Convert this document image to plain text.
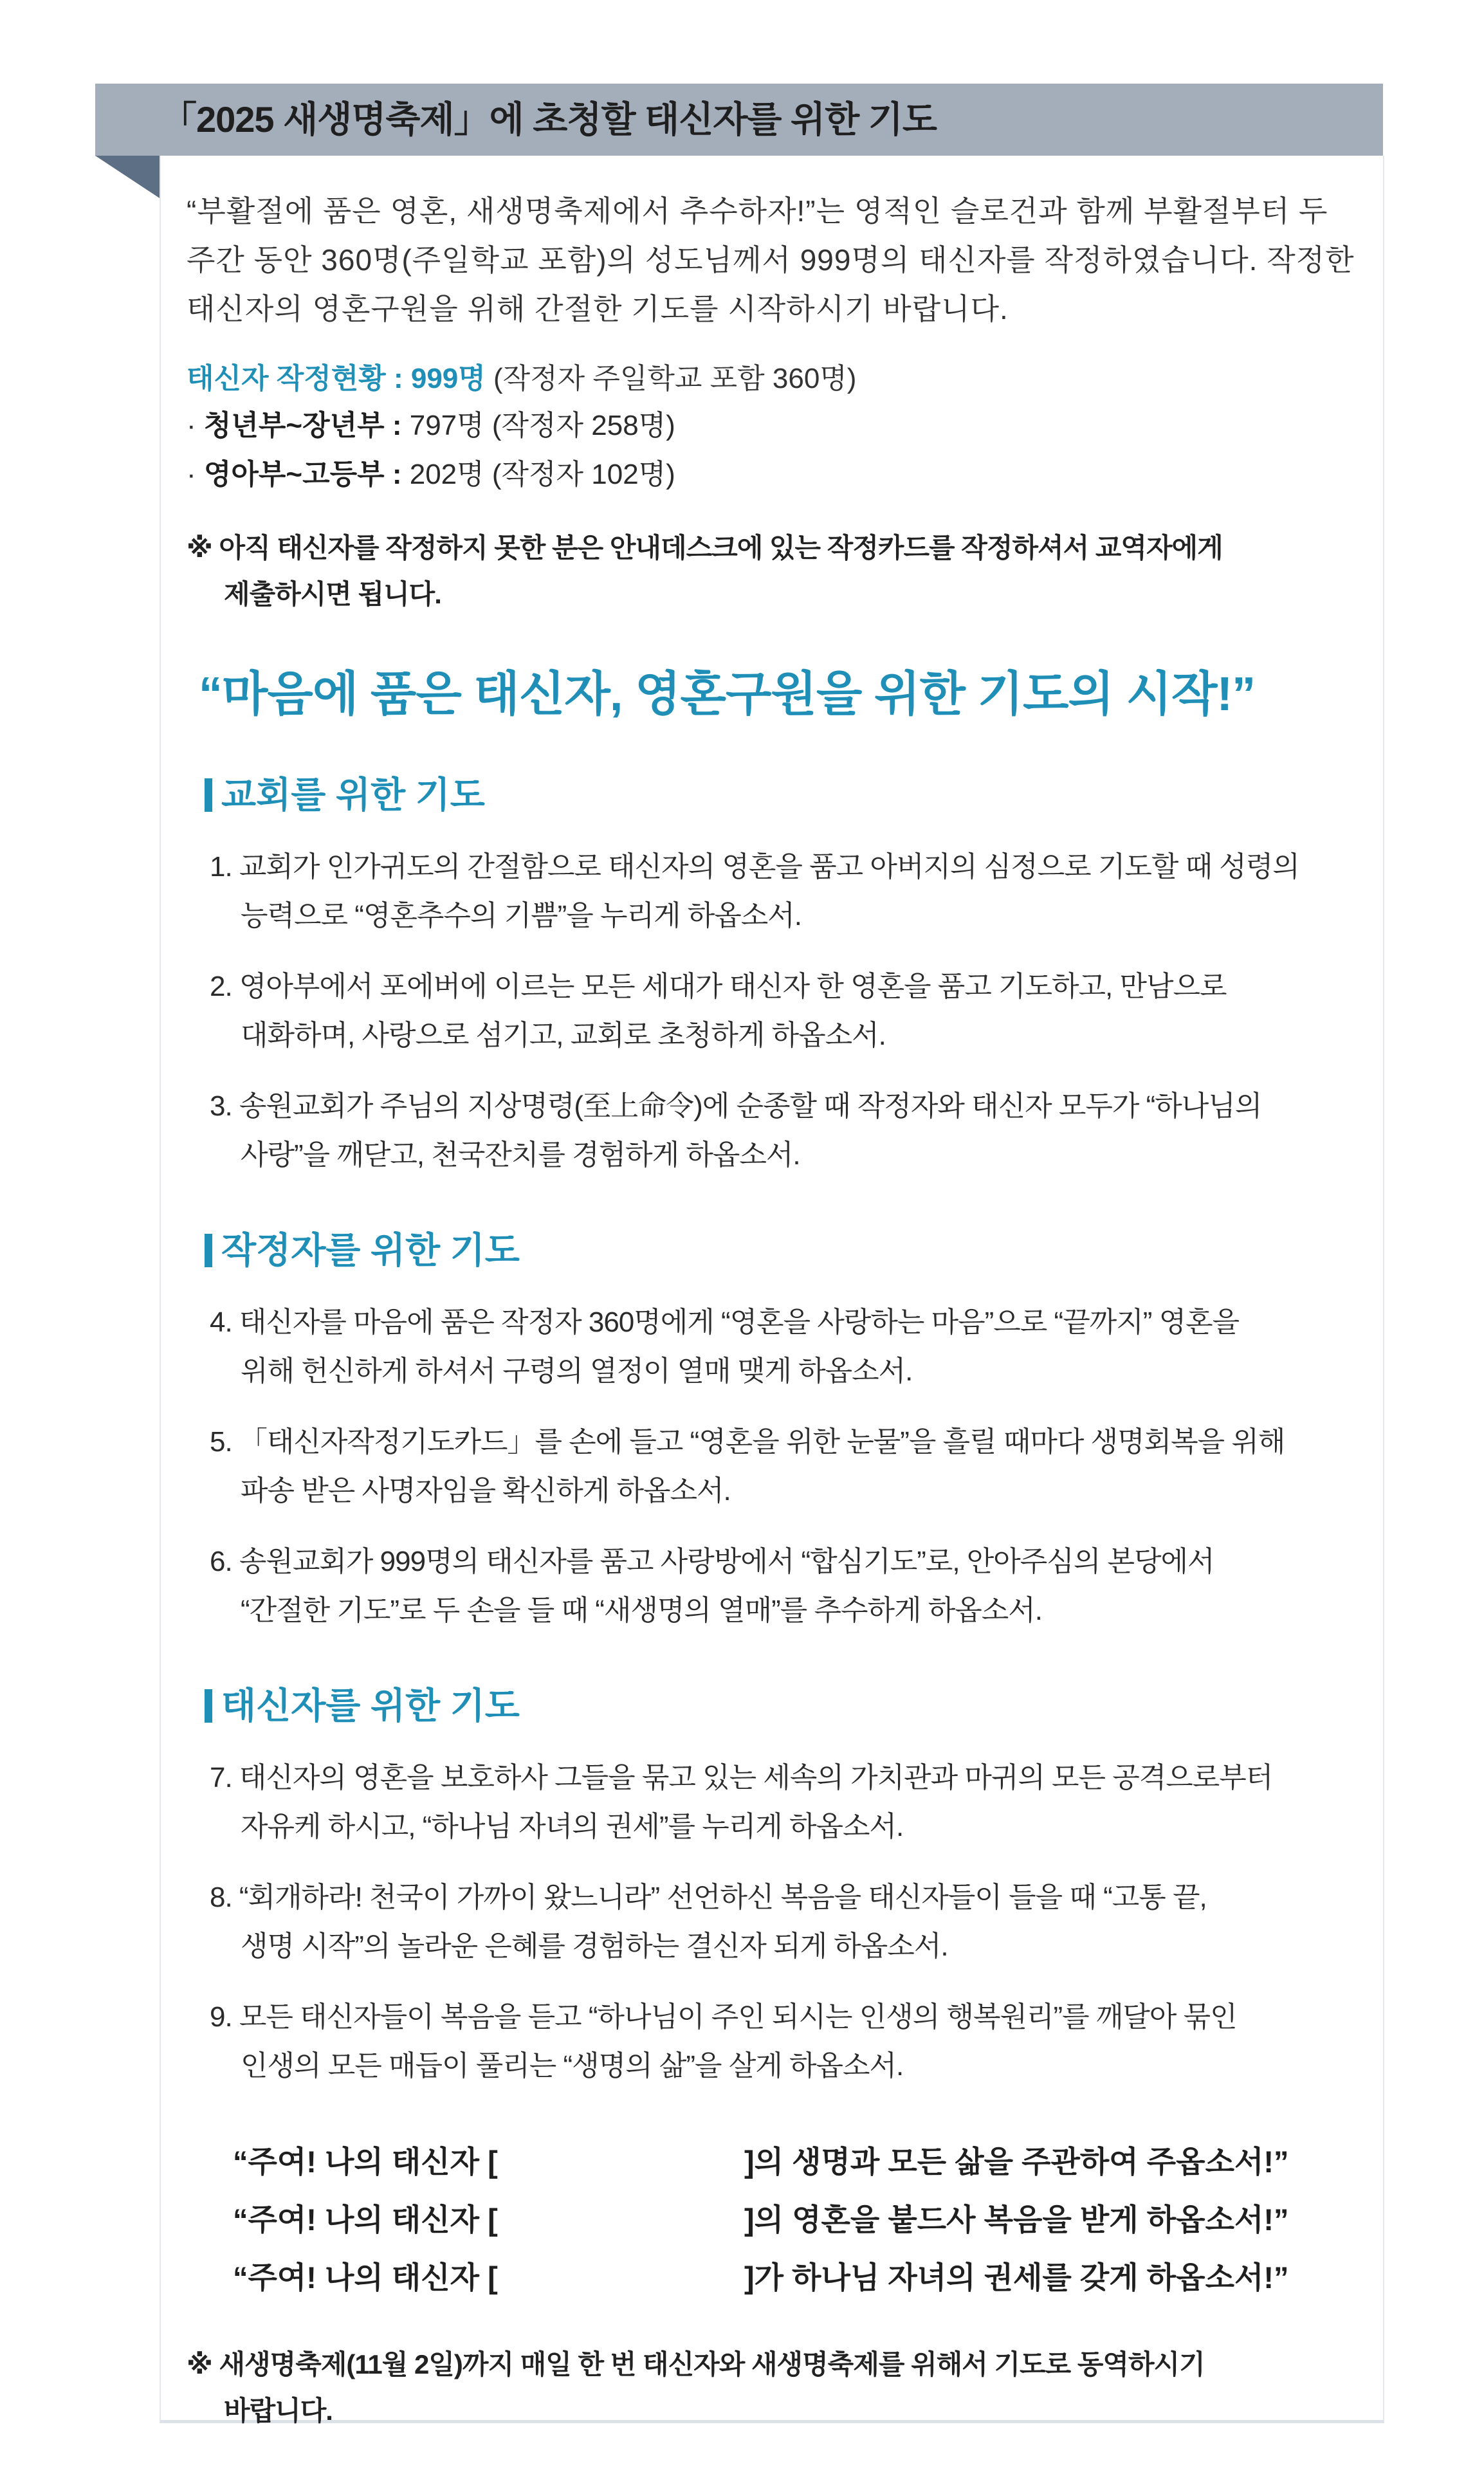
「2025 새생명축제」에 초청할 태신자를 위한 기도

“부활절에 품은 영혼, 새생명축제에서 추수하자!”는 영적인 슬로건과 함께 부활절부터 두 주간 동안 360명(주일학교 포함)의 성도님께서 999명의 태신자를 작정하였습니다. 작정한 태신자의 영혼구원을 위해 간절한 기도를 시작하시기 바랍니다.

태신자 작정현황 : 999명 (작정자 주일학교 포함 360명)
· 청년부~장년부 : 797명 (작정자 258명)
· 영아부~고등부 : 202명 (작정자 102명)
※ 아직 태신자를 작정하지 못한 분은 안내데스크에 있는 작정카드를 작정하셔서 교역자에게
제출하시면 됩니다.
“마음에 품은 태신자, 영혼구원을 위한 기도의 시작!”
교회를 위한 기도
1. 교회가 인가귀도의 간절함으로 태신자의 영혼을 품고 아버지의 심정으로 기도할 때 성령의
능력으로 “영혼추수의 기쁨”을 누리게 하옵소서.
2. 영아부에서 포에버에 이르는 모든 세대가 태신자 한 영혼을 품고 기도하고, 만남으로
대화하며, 사랑으로 섬기고, 교회로 초청하게 하옵소서.
3. 송원교회가 주님의 지상명령(至上命令)에 순종할 때 작정자와 태신자 모두가 “하나님의
사랑”을 깨닫고, 천국잔치를 경험하게 하옵소서.
작정자를 위한 기도
4. 태신자를 마음에 품은 작정자 360명에게 “영혼을 사랑하는 마음”으로 “끝까지” 영혼을
위해 헌신하게 하셔서 구령의 열정이 열매 맺게 하옵소서.
5. 「태신자작정기도카드」를 손에 들고 “영혼을 위한 눈물”을 흘릴 때마다 생명회복을 위해
파송 받은 사명자임을 확신하게 하옵소서.
6. 송원교회가 999명의 태신자를 품고 사랑방에서 “합심기도”로, 안아주심의 본당에서
“간절한 기도”로 두 손을 들 때 “새생명의 열매”를 추수하게 하옵소서.
태신자를 위한 기도
7. 태신자의 영혼을 보호하사 그들을 묶고 있는 세속의 가치관과 마귀의 모든 공격으로부터
자유케 하시고, “하나님 자녀의 권세”를 누리게 하옵소서.
8. “회개하라! 천국이 가까이 왔느니라” 선언하신 복음을 태신자들이 들을 때 “고통 끝,
생명 시작”의 놀라운 은혜를 경험하는 결신자 되게 하옵소서.
9. 모든 태신자들이 복음을 듣고 “하나님이 주인 되시는 인생의 행복원리”를 깨달아 묶인
인생의 모든 매듭이 풀리는 “생명의 삶”을 살게 하옵소서.
“주여! 나의 태신자 [	]의 생명과 모든 삶을 주관하여 주옵소서!”
“주여! 나의 태신자 [	]의 영혼을 붙드사 복음을 받게 하옵소서!”
“주여! 나의 태신자 [	]가 하나님 자녀의 권세를 갖게 하옵소서!”
※ 새생명축제(11월 2일)까지 매일 한 번 태신자와 새생명축제를 위해서 기도로 동역하시기
바랍니다.
